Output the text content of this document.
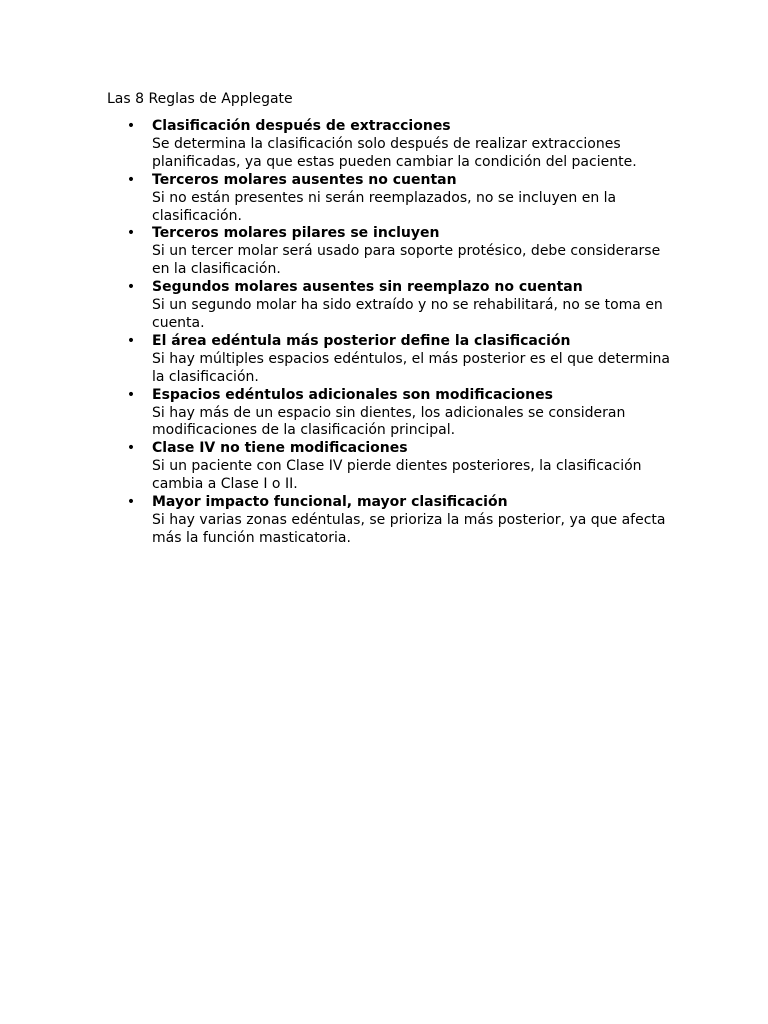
Las 8 Reglas de Applegate
• Clasificación después de extracciones
Se determina la clasificación solo después de realizar extracciones planificadas, ya que estas pueden cambiar la condición del paciente.
• Terceros molares ausentes no cuentan
Si no están presentes ni serán reemplazados, no se incluyen en la clasificación.
• Terceros molares pilares se incluyen
Si un tercer molar será usado para soporte protésico, debe considerarse en la clasificación.
• Segundos molares ausentes sin reemplazo no cuentan
Si un segundo molar ha sido extraído y no se rehabilitará, no se toma en cuenta.
• El área edéntula más posterior define la clasificación
Si hay múltiples espacios edéntulos, el más posterior es el que determina la clasificación.
• Espacios edéntulos adicionales son modificaciones
Si hay más de un espacio sin dientes, los adicionales se consideran modificaciones de la clasificación principal.
• Clase IV no tiene modificaciones
Si un paciente con Clase IV pierde dientes posteriores, la clasificación cambia a Clase I o II.
• Mayor impacto funcional, mayor clasificación
Si hay varias zonas edéntulas, se prioriza la más posterior, ya que afecta más la función masticatoria.
